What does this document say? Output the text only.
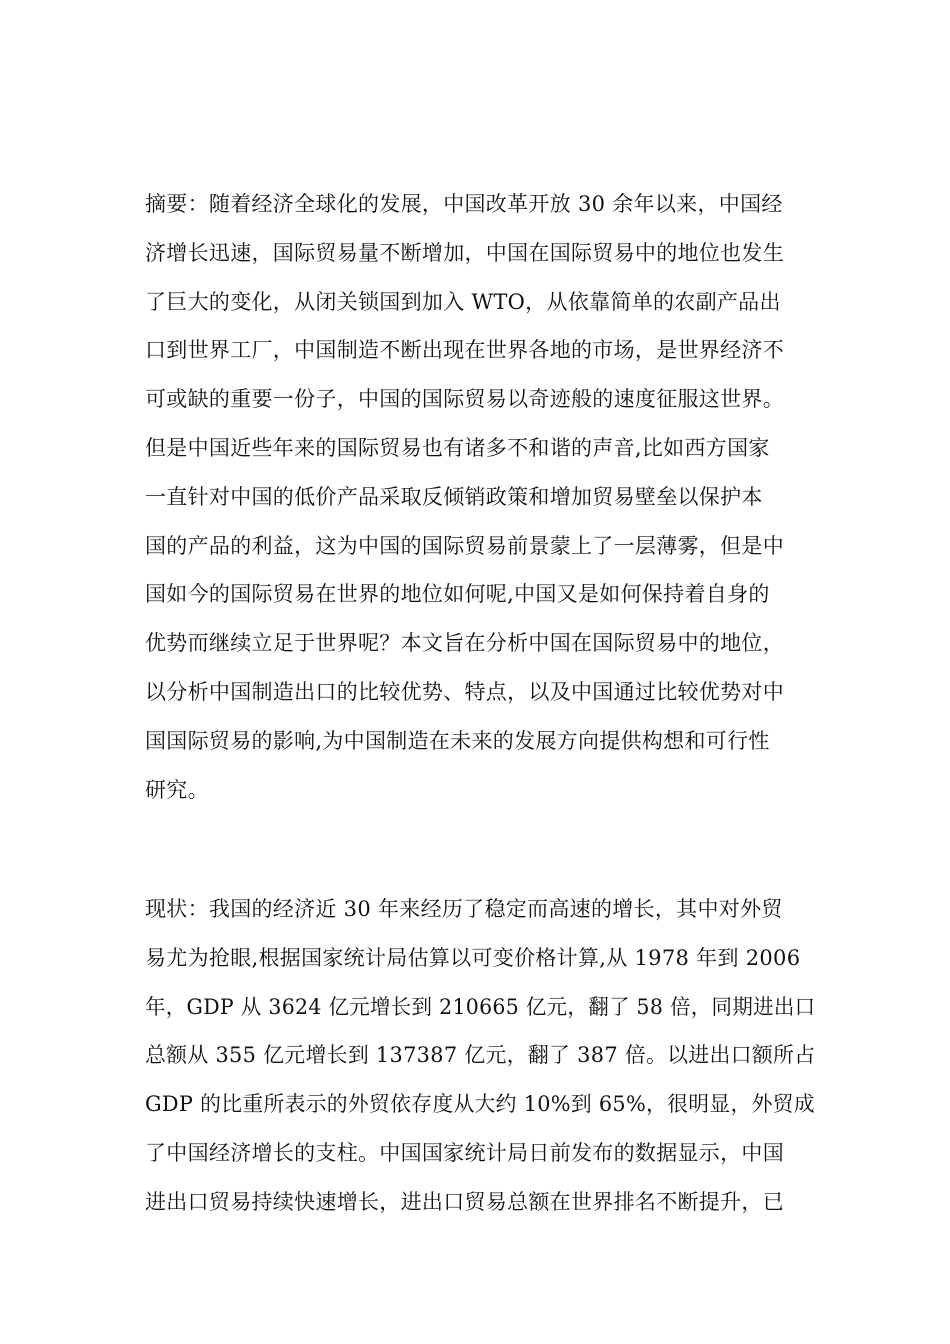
摘要：随着经济全球化的发展，中国改革开放 30 余年以来，中国经
济增长迅速，国际贸易量不断增加，中国在国际贸易中的地位也发生
了巨大的变化，从闭关锁国到加入 WTO，从依靠简单的农副产品出
口到世界工厂，中国制造不断出现在世界各地的市场，是世界经济不
可或缺的重要一份子，中国的国际贸易以奇迹般的速度征服这世界。
但是中国近些年来的国际贸易也有诸多不和谐的声音,比如西方国家
一直针对中国的低价产品采取反倾销政策和增加贸易壁垒以保护本
国的产品的利益，这为中国的国际贸易前景蒙上了一层薄雾，但是中
国如今的国际贸易在世界的地位如何呢,中国又是如何保持着自身的
优势而继续立足于世界呢？本文旨在分析中国在国际贸易中的地位，
以分析中国制造出口的比较优势、特点，以及中国通过比较优势对中
国国际贸易的影响,为中国制造在未来的发展方向提供构想和可行性
研究。
现状：我国的经济近 30 年来经历了稳定而高速的增长，其中对外贸
易尤为抢眼,根据国家统计局估算以可变价格计算,从 1978 年到 2006
年，GDP 从 3624 亿元增长到 210665 亿元，翻了 58 倍，同期进出口
总额从 355 亿元增长到 137387 亿元，翻了 387 倍。以进出口额所占
GDP 的比重所表示的外贸依存度从大约 10%到 65%，很明显，外贸成
了中国经济增长的支柱。中国国家统计局日前发布的数据显示，中国
进出口贸易持续快速增长，进出口贸易总额在世界排名不断提升，已
